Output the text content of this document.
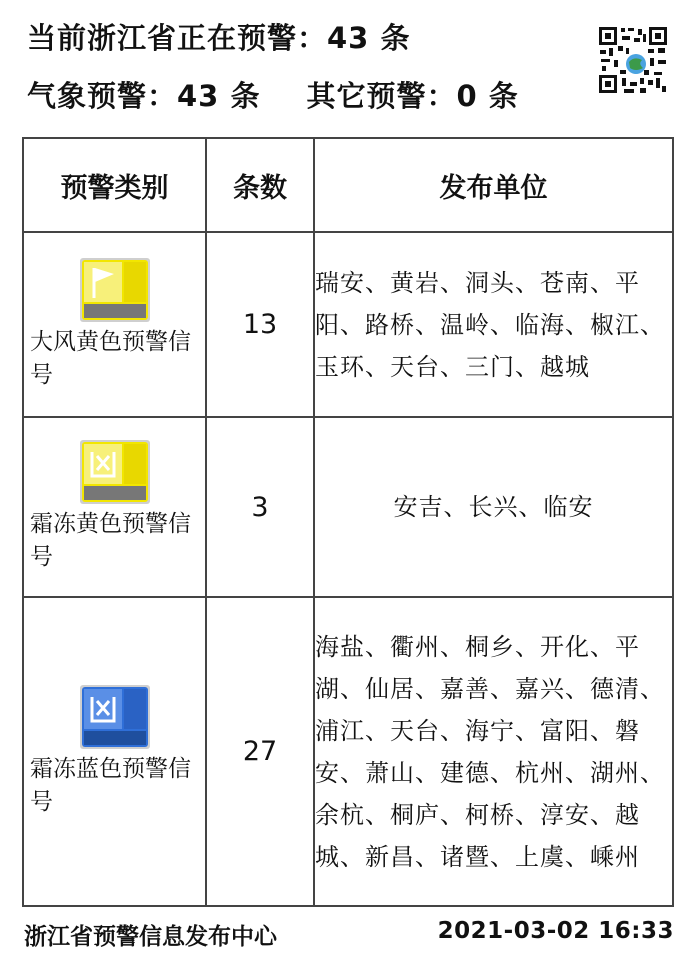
当前浙江省正在预警：43 条
气象预警：43 条 其它预警：0 条
预警类别	条数	发布单位

大风黄色预警信号	13	瑞安、黄岩、洞头、苍南、平阳、路桥、温岭、临海、椒江、玉环、天台、三门、越城

霜冻黄色预警信号	3	安吉、长兴、临安

霜冻蓝色预警信号	27	海盐、衢州、桐乡、开化、平湖、仙居、嘉善、嘉兴、德清、浦江、天台、海宁、富阳、磐安、萧山、建德、杭州、湖州、余杭、桐庐、柯桥、淳安、越城、新昌、诸暨、上虞、嵊州
浙江省预警信息发布中心	2021-03-02 16:33
